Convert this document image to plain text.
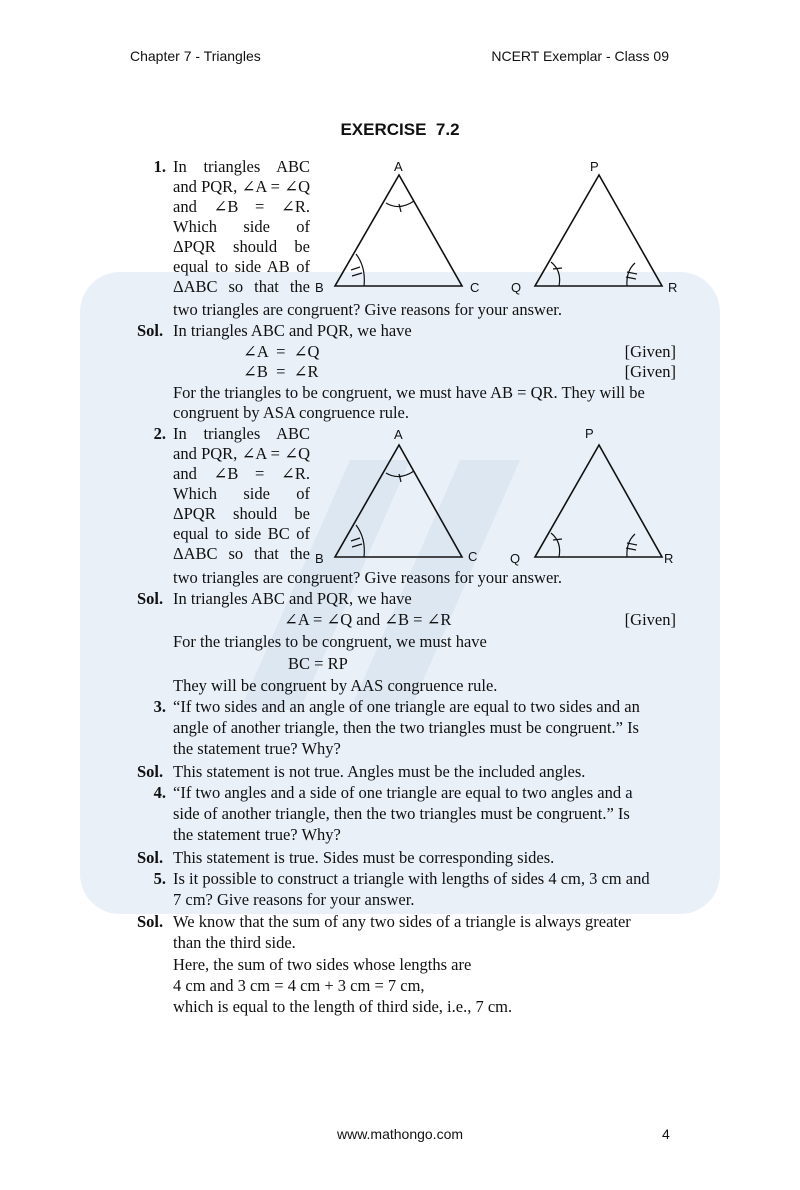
Chapter 7 - Triangles	NCERT Exemplar - Class 09
EXERCISE  7.2
1. In triangles ABC
and PQR, ∠A = ∠Q
and ∠B = ∠R.
Which side of
ΔPQR should be
equal to side AB of
ΔABC so that the
two triangles are congruent? Give reasons for your answer.
A
B	C
P
Q	R
Sol. In triangles ABC and PQR, we have
∠A  =  ∠Q	[Given]
∠B  =  ∠R	[Given]
For the triangles to be congruent, we must have AB = QR. They will be
congruent by ASA congruence rule.
2. In triangles ABC
and PQR, ∠A = ∠Q
and ∠B = ∠R.
Which side of
ΔPQR should be
equal to side BC of
ΔABC so that the
two triangles are congruent? Give reasons for your answer.
A
B	C
P
Q	R
Sol. In triangles ABC and PQR, we have
∠A = ∠Q and ∠B = ∠R	[Given]
For the triangles to be congruent, we must have
BC = RP
They will be congruent by AAS congruence rule.
3. “If two sides and an angle of one triangle are equal to two sides and an
angle of another triangle, then the two triangles must be congruent.” Is
the statement true? Why?
Sol. This statement is not true. Angles must be the included angles.
4. “If two angles and a side of one triangle are equal to two angles and a
side of another triangle, then the two triangles must be congruent.” Is
the statement true? Why?
Sol. This statement is true. Sides must be corresponding sides.
5. Is it possible to construct a triangle with lengths of sides 4 cm, 3 cm and
7 cm? Give reasons for your answer.
Sol. We know that the sum of any two sides of a triangle is always greater
than the third side.
Here, the sum of two sides whose lengths are
4 cm and 3 cm = 4 cm + 3 cm = 7 cm,
which is equal to the length of third side, i.e., 7 cm.
www.mathongo.com	4
